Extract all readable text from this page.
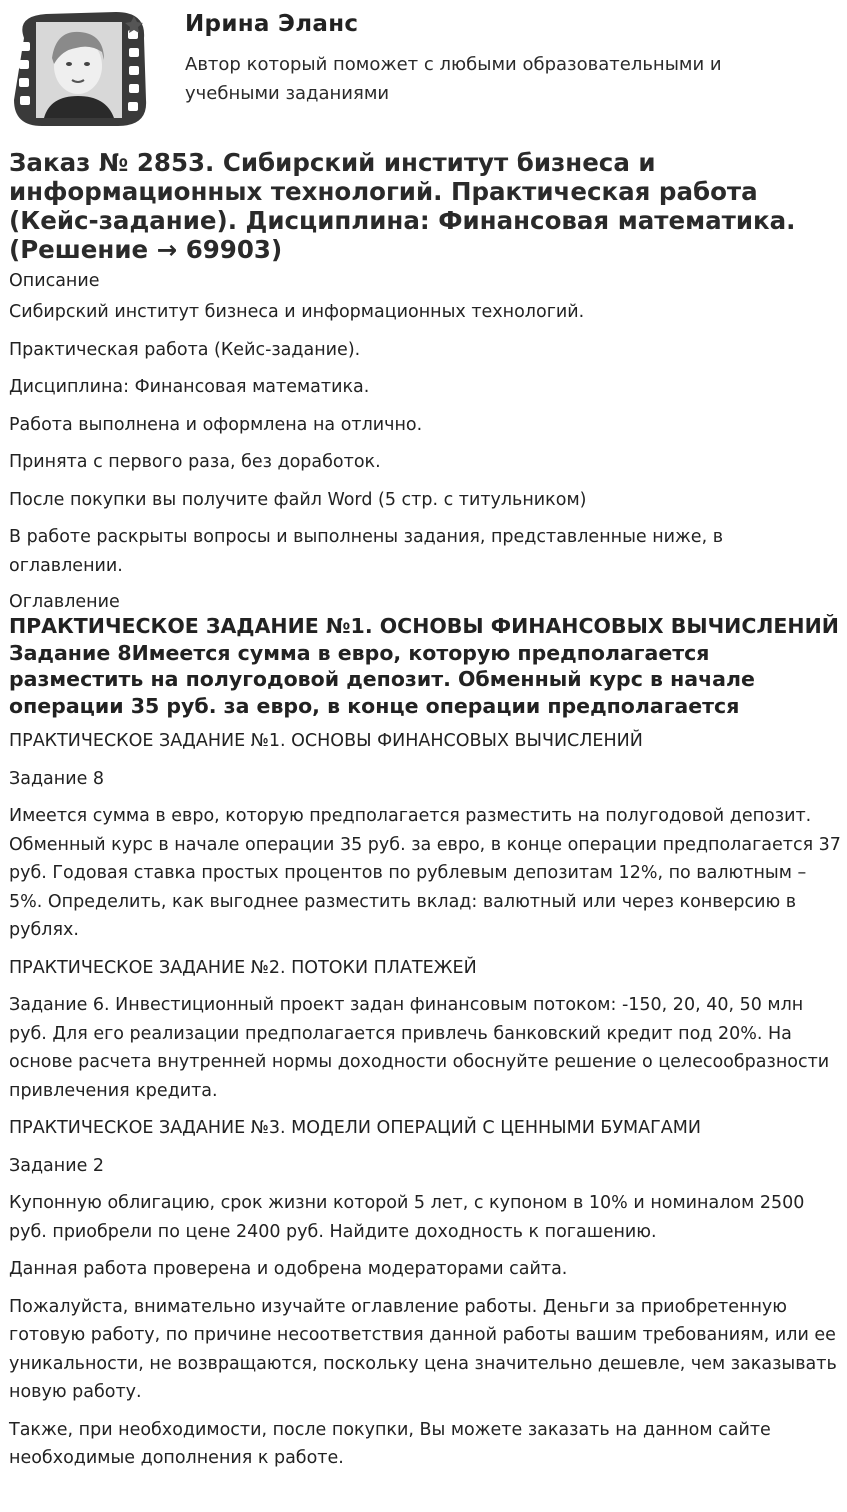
Ирина Эланс
Автор который поможет с любыми образовательными и учебными заданиями
Заказ № 2853. Сибирский институт бизнеса и информационных технологий. Практическая работа (Кейс-задание). Дисциплина: Финансовая математика. (Решение → 69903)
Описание

Сибирский институт бизнеса и информационных технологий.

Практическая работа (Кейс-задание).

Дисциплина: Финансовая математика.

Работа выполнена и оформлена на отлично.

Принята с первого раза, без доработок.

После покупки вы получите файл Word (5 стр. с титульником)

В работе раскрыты вопросы и выполнены задания, представленные ниже, в оглавлении.

Оглавление
ПРАКТИЧЕСКОЕ ЗАДАНИЕ №1. ОСНОВЫ ФИНАНСОВЫХ ВЫЧИСЛЕНИЙ Задание 8Имеется сумма в евро, которую предполагается разместить на полугодовой депозит. Обменный курс в начале операции 35 руб. за евро, в конце операции предполагается

ПРАКТИЧЕСКОЕ ЗАДАНИЕ №1. ОСНОВЫ ФИНАНСОВЫХ ВЫЧИСЛЕНИЙ

Задание 8

Имеется сумма в евро, которую предполагается разместить на полугодовой депозит. Обменный курс в начале операции 35 руб. за евро, в конце операции предполагается 37 руб. Годовая ставка простых процентов по рублевым депозитам 12%, по валютным – 5%. Определить, как выгоднее разместить вклад: валютный или через конверсию в рублях.

ПРАКТИЧЕСКОЕ ЗАДАНИЕ №2. ПОТОКИ ПЛАТЕЖЕЙ

Задание 6. Инвестиционный проект задан финансовым потоком: -150, 20, 40, 50 млн руб. Для его реализации предполагается привлечь банковский кредит под 20%. На основе расчета внутренней нормы доходности обоснуйте решение о целесообразности привлечения кредита.

ПРАКТИЧЕСКОЕ ЗАДАНИЕ №3. МОДЕЛИ ОПЕРАЦИЙ С ЦЕННЫМИ БУМАГАМИ

Задание 2

Купонную облигацию, срок жизни которой 5 лет, с купоном в 10% и номиналом 2500 руб. приобрели по цене 2400 руб. Найдите доходность к погашению.

Данная работа проверена и одобрена модераторами сайта.

Пожалуйста, внимательно изучайте оглавление работы. Деньги за приобретенную готовую работу, по причине несоответствия данной работы вашим требованиям, или ее уникальности, не возвращаются, поскольку цена значительно дешевле, чем заказывать новую работу.

Также, при необходимости, после покупки, Вы можете заказать на данном сайте необходимые дополнения к работе.
